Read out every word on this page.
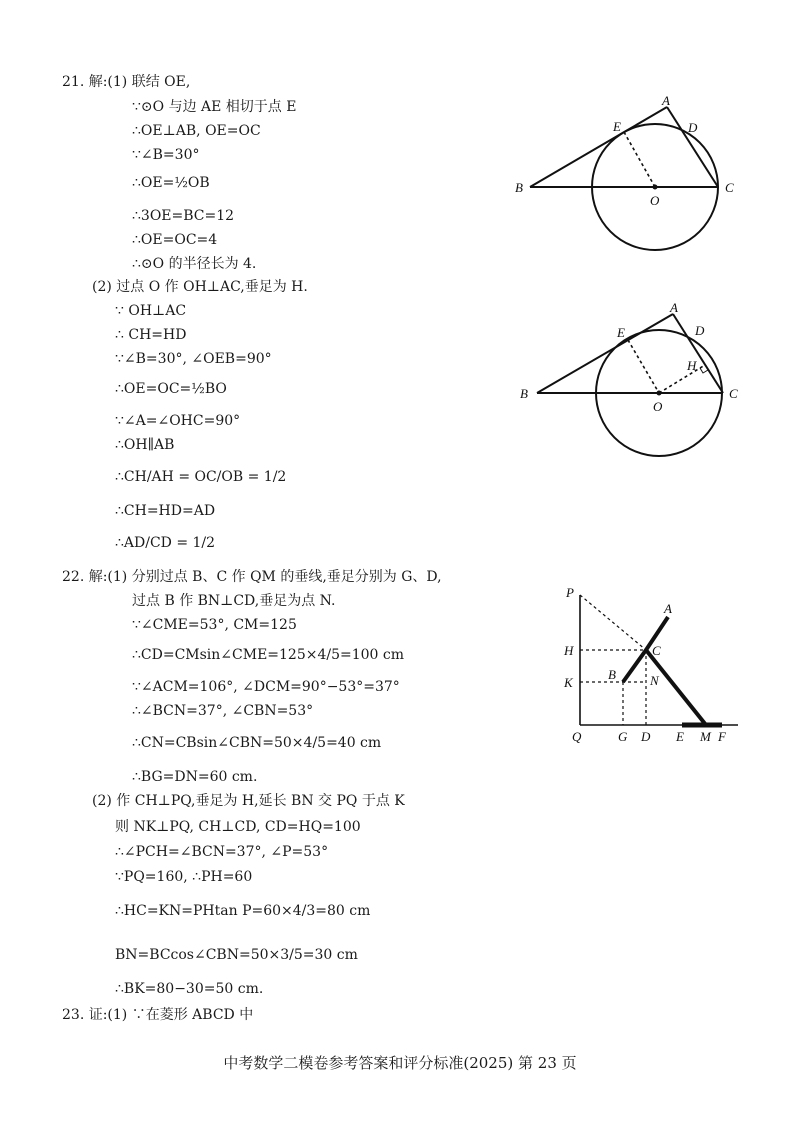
21. 解:(1) 联结 OE,
∵⊙O 与边 AE 相切于点 E
∴OE⊥AB, OE=OC
∵∠B=30°
∴OE=½OB
∴3OE=BC=12
∴OE=OC=4
∴⊙O 的半径长为 4.
(2) 过点 O 作 OH⊥AC,垂足为 H.
∵ OH⊥AC
∴ CH=HD
∵∠B=30°, ∠OEB=90°
∴OE=OC=½BO
∵∠A=∠OHC=90°
∴OH∥AB
∴CH/AH = OC/OB = 1/2
∴CH=HD=AD
∴AD/CD = 1/2
22. 解:(1) 分别过点 B、C 作 QM 的垂线,垂足分别为 G、D,
过点 B 作 BN⊥CD,垂足为点 N.
∵∠CME=53°, CM=125
∴CD=CMsin∠CME=125×4/5=100 cm
∵∠ACM=106°, ∠DCM=90°−53°=37°
∴∠BCN=37°, ∠CBN=53°
∴CN=CBsin∠CBN=50×4/5=40 cm
∴BG=DN=60 cm.
(2) 作 CH⊥PQ,垂足为 H,延长 BN 交 PQ 于点 K
则 NK⊥PQ, CH⊥CD, CD=HQ=100
∴∠PCH=∠BCN=37°, ∠P=53°
∵PQ=160, ∴PH=60
∴HC=KN=PHtan P=60×4/3=80 cm
BN=BCcos∠CBN=50×3/5=30 cm
∴BK=80−30=50 cm.
23. 证:(1) ∵在菱形 ABCD 中
中考数学二模卷参考答案和评分标准(2025) 第 23 页
B	C
A
D
E
O
B	C
A
D
E
H
O
P
A
H	C
K
B	N
Q	G D E M F
